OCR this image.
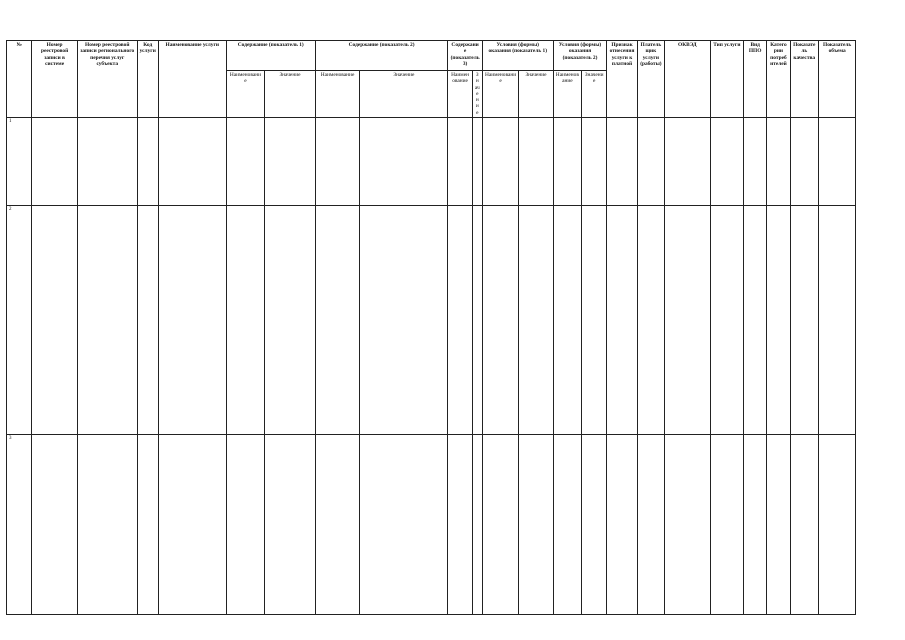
№	Номер реестровой записи в системе	Номер реестровой записи регионального перечня услуг субъекта	Код услуги	Наименование услуги	Содержание (показатель 1)		Содержание (показатель 2)		Содержание (показатель 3)		Условия (формы) оказания (показатель 1)		Условия (формы) оказания (показатель 2)		Признак отнесения услуги к платной	Плательщик услуги (работы)	ОКВЭД	Тип услуги	Вид ППО	Категории потребителей	Показатель качества	Показатель объема
					Наименование	Значение	Наименование	Значение	Наименование	Значение	Наименование	Значение	Наименование	Значение								
1																						
2																						
3																						
